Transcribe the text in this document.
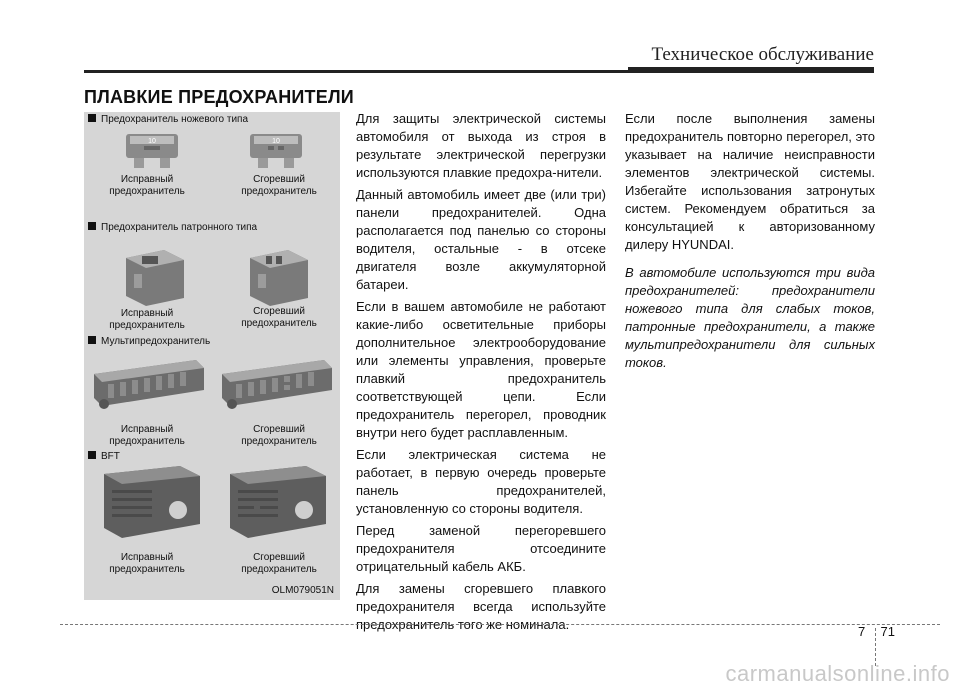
Техническое обслуживание
ПЛАВКИЕ ПРЕДОХРАНИТЕЛИ
Предохранитель ножевого типа
10	10
Исправный
предохранитель
Сгоревший
предохранитель
Предохранитель патронного типа
Исправный
предохранитель
Сгоревший
предохранитель
Мультипредохранитель
Исправный
предохранитель
Сгоревший
предохранитель
BFT
Исправный
предохранитель
Сгоревший
предохранитель
OLM079051N

Для защиты электрической системы автомобиля от выхода из строя в результате электрической перегрузки используются плавкие предохра-нители.

Данный автомобиль имеет две (или три) панели предохранителей. Одна располагается под панелью со стороны водителя, остальные - в отсеке двигателя возле аккумуляторной батареи.

Если в вашем автомобиле не работают какие-либо осветительные приборы дополнительное электрооборудование или элементы управления, проверьте плавкий предохранитель соответствующей цепи. Если предохранитель перегорел, проводник внутри него будет расплавленным.

Если электрическая система не работает, в первую очередь проверьте панель предохранителей, установленную со стороны водителя.

Перед заменой перегоревшего предохранителя отсоедините отрицательный кабель АКБ.

Для замены сгоревшего плавкого предохранителя всегда используйте предохранитель того же номинала.

Если после выполнения замены предохранитель повторно перегорел, это указывает на наличие неисправности элементов электрической системы. Избегайте использования затронутых систем. Рекомендуем обратиться за консультацией к авторизованному дилеру HYUNDAI.

В автомобиле используются три вида предохранителей: предохранители ножевого типа для слабых токов, патронные предохранители, а также мультипредохранители для сильных токов.

7 71
carmanualsonline.info
